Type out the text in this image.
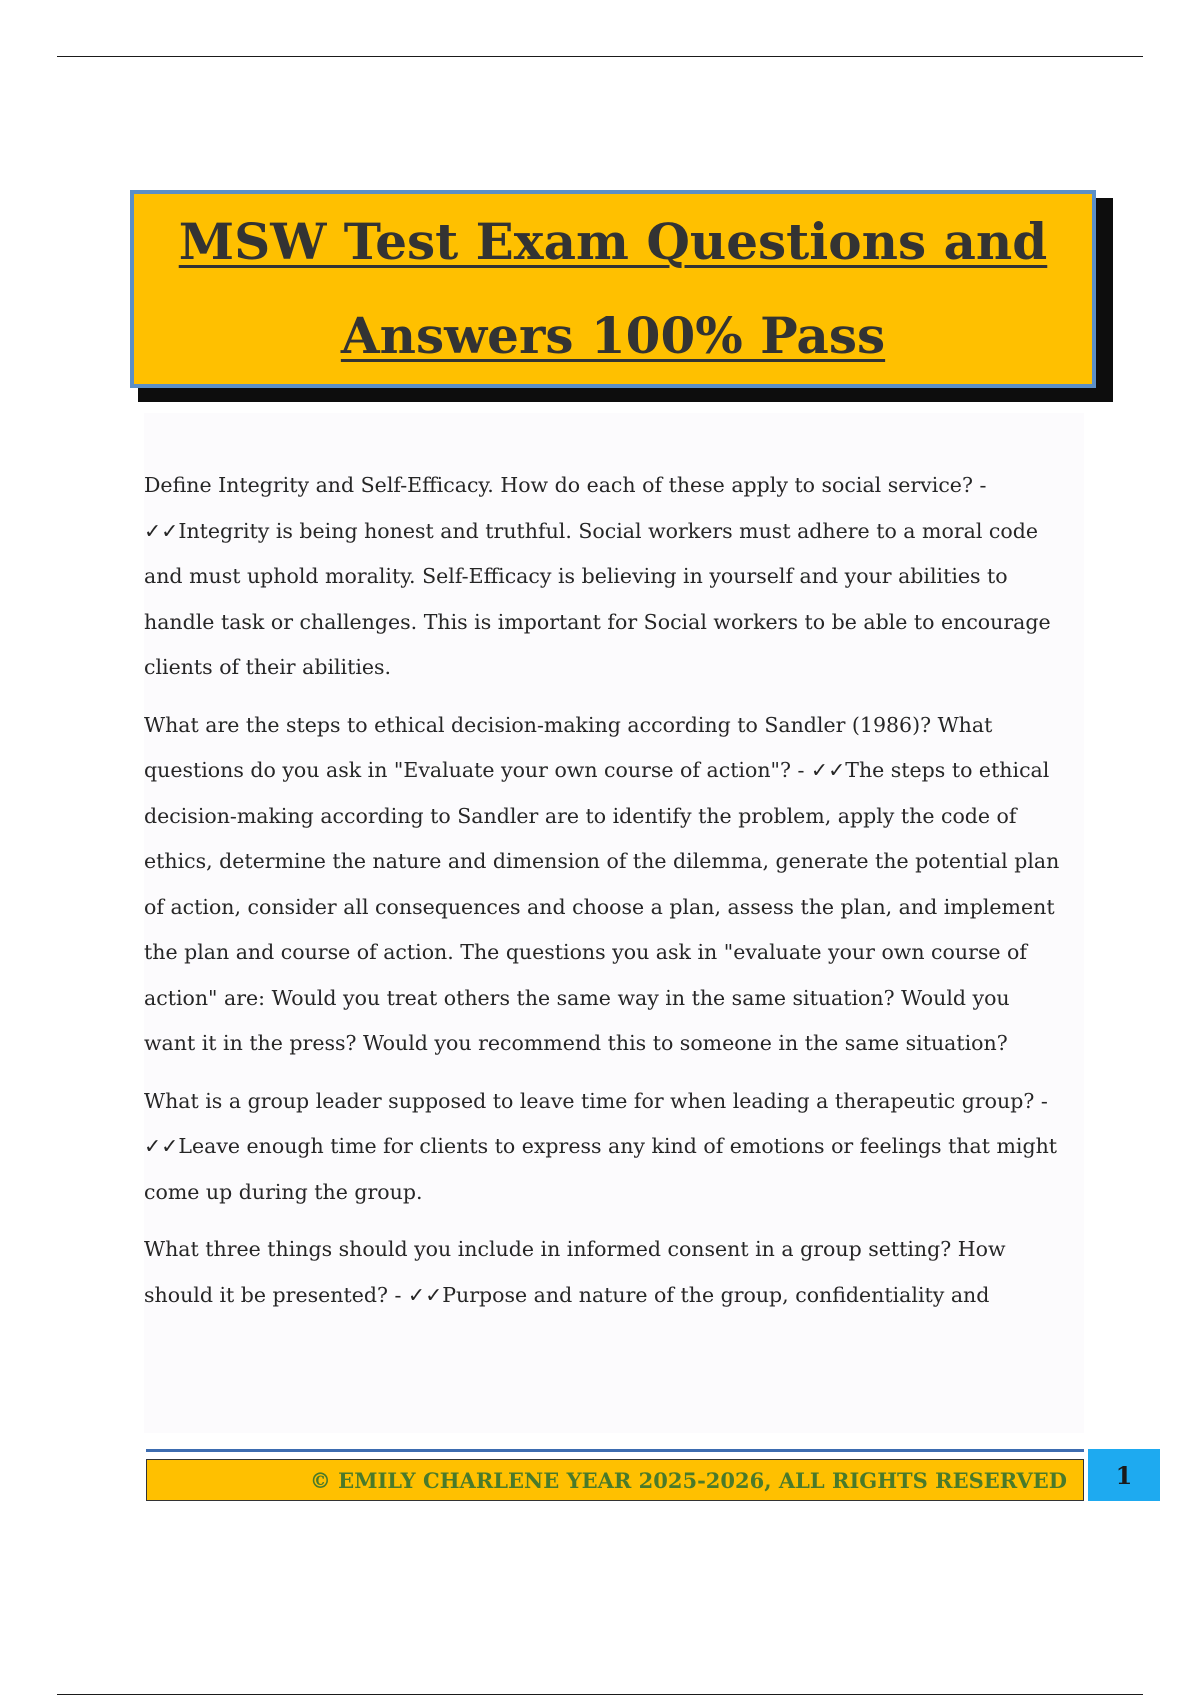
MSW Test Exam Questions and
Answers 100% Pass

Define Integrity and Self-Efficacy. How do each of these apply to social service? -
✓✓Integrity is being honest and truthful. Social workers must adhere to a moral code
and must uphold morality. Self-Efficacy is believing in yourself and your abilities to
handle task or challenges. This is important for Social workers to be able to encourage
clients of their abilities.

What are the steps to ethical decision-making according to Sandler (1986)? What
questions do you ask in "Evaluate your own course of action"? - ✓✓The steps to ethical
decision-making according to Sandler are to identify the problem, apply the code of
ethics, determine the nature and dimension of the dilemma, generate the potential plan
of action, consider all consequences and choose a plan, assess the plan, and implement
the plan and course of action. The questions you ask in "evaluate your own course of
action" are: Would you treat others the same way in the same situation? Would you
want it in the press? Would you recommend this to someone in the same situation?

What is a group leader supposed to leave time for when leading a therapeutic group? -
✓✓Leave enough time for clients to express any kind of emotions or feelings that might
come up during the group.

What three things should you include in informed consent in a group setting? How
should it be presented? - ✓✓Purpose and nature of the group, confidentiality and

© EMILY CHARLENE YEAR 2025-2026, ALL RIGHTS RESERVED	1
